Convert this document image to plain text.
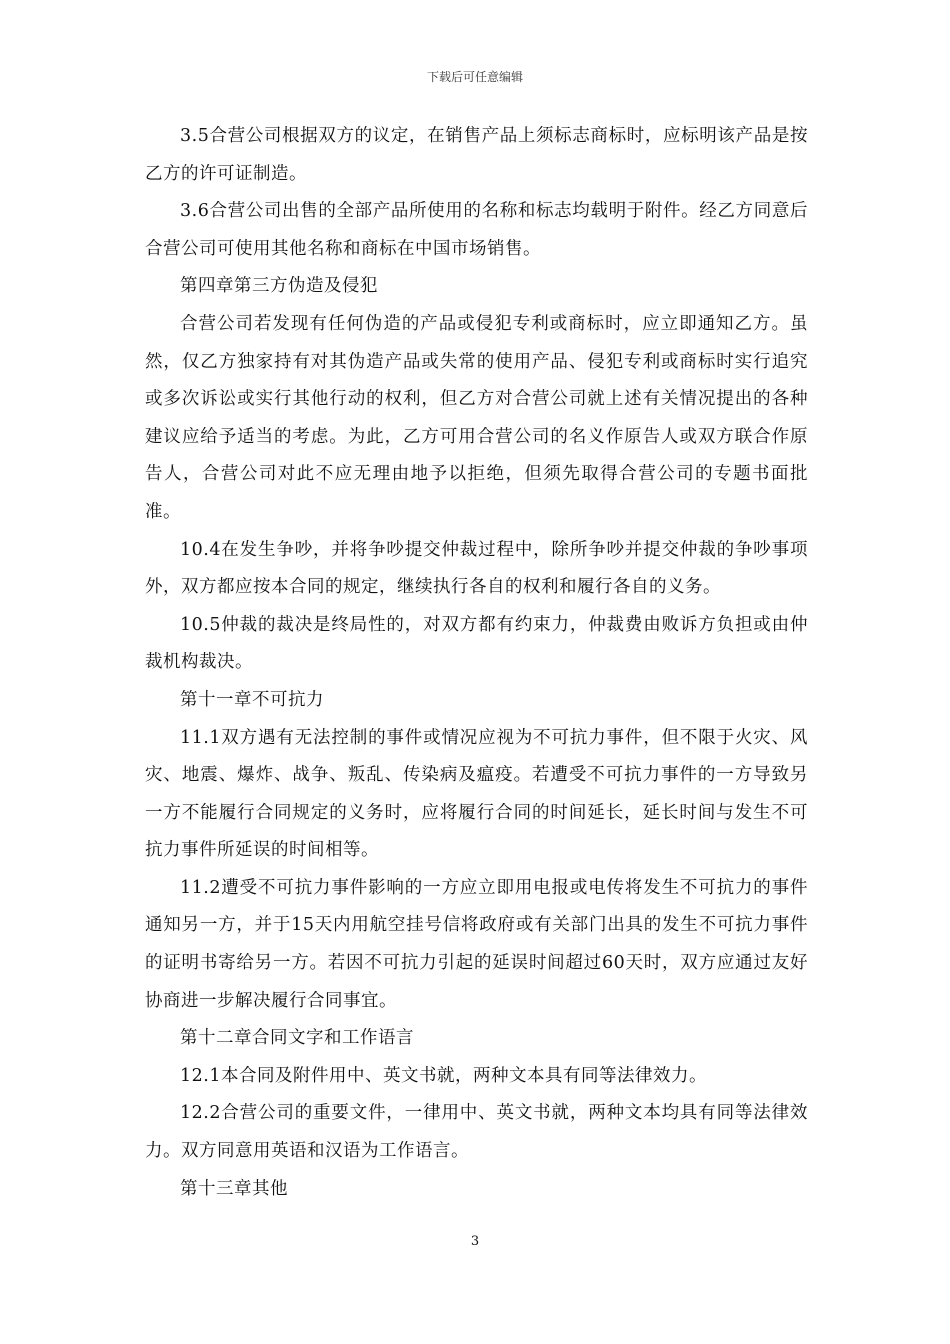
下载后可任意编辑

3.5合营公司根据双方的议定，在销售产品上须标志商标时，应标明该产品是按乙方的许可证制造。

3.6合营公司出售的全部产品所使用的名称和标志均载明于附件。经乙方同意后合营公司可使用其他名称和商标在中国市场销售。

第四章第三方伪造及侵犯

合营公司若发现有任何伪造的产品或侵犯专利或商标时，应立即通知乙方。虽然，仅乙方独家持有对其伪造产品或失常的使用产品、侵犯专利或商标时实行追究或多次诉讼或实行其他行动的权利，但乙方对合营公司就上述有关情况提出的各种建议应给予适当的考虑。为此，乙方可用合营公司的名义作原告人或双方联合作原告人，合营公司对此不应无理由地予以拒绝，但须先取得合营公司的专题书面批准。

10.4在发生争吵，并将争吵提交仲裁过程中，除所争吵并提交仲裁的争吵事项外，双方都应按本合同的规定，继续执行各自的权利和履行各自的义务。

10.5仲裁的裁决是终局性的，对双方都有约束力，仲裁费由败诉方负担或由仲裁机构裁决。

第十一章不可抗力

11.1双方遇有无法控制的事件或情况应视为不可抗力事件，但不限于火灾、风灾、地震、爆炸、战争、叛乱、传染病及瘟疫。若遭受不可抗力事件的一方导致另一方不能履行合同规定的义务时，应将履行合同的时间延长，延长时间与发生不可抗力事件所延误的时间相等。

11.2遭受不可抗力事件影响的一方应立即用电报或电传将发生不可抗力的事件通知另一方，并于15天内用航空挂号信将政府或有关部门出具的发生不可抗力事件的证明书寄给另一方。若因不可抗力引起的延误时间超过60天时，双方应通过友好协商进一步解决履行合同事宜。

第十二章合同文字和工作语言

12.1本合同及附件用中、英文书就，两种文本具有同等法律效力。

12.2合营公司的重要文件，一律用中、英文书就，两种文本均具有同等法律效力。双方同意用英语和汉语为工作语言。

第十三章其他

3
